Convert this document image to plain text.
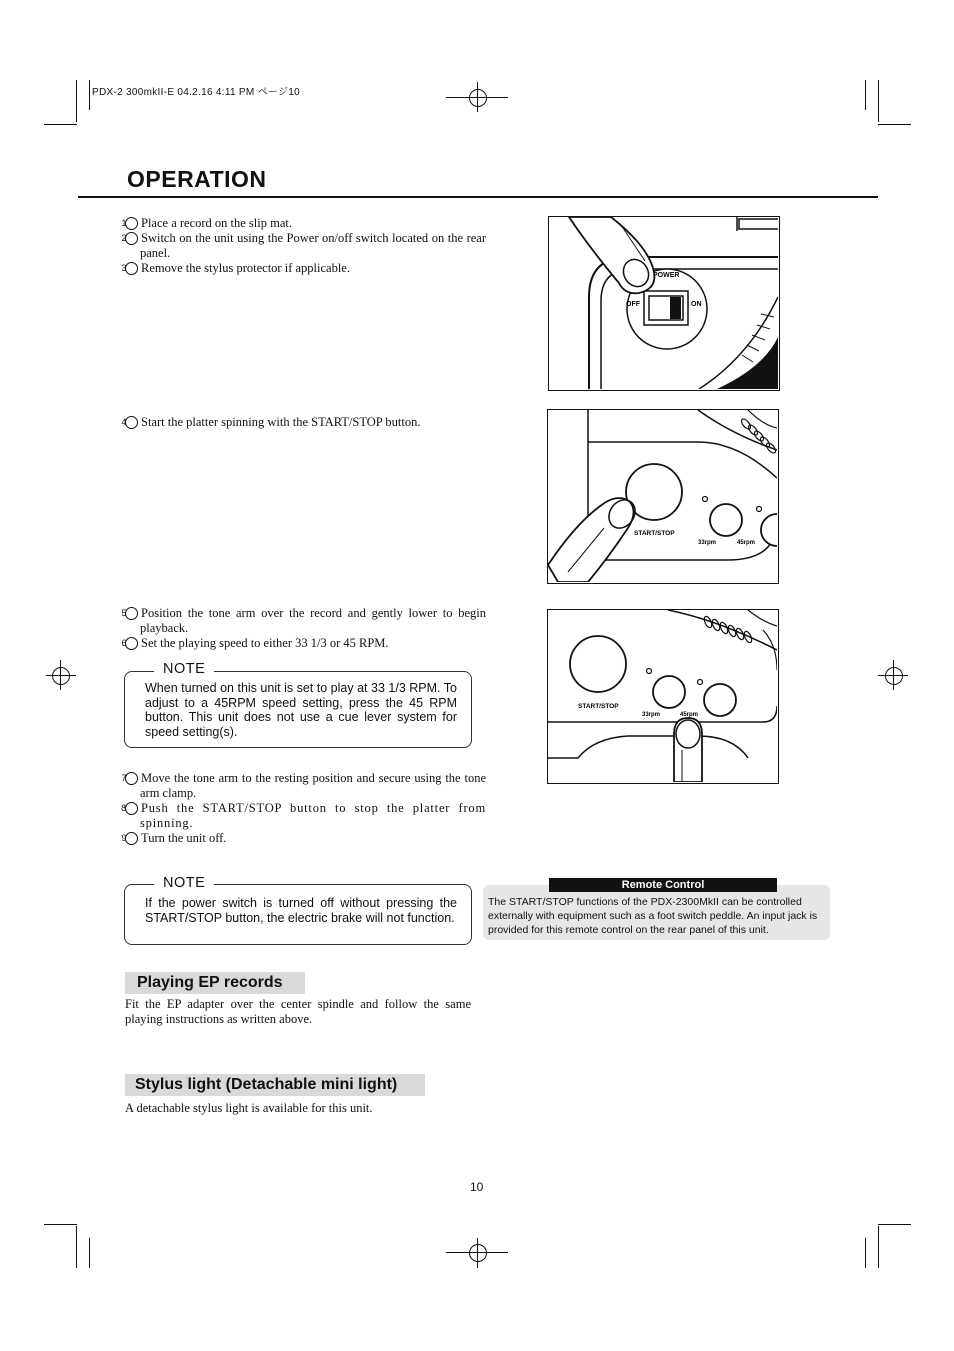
PDX-2 300mkII-E 04.2.16 4:11 PM ページ10
OPERATION
1 Place a record on the slip mat.
2 Switch on the unit using the Power on/off switch located on the rear panel.
3 Remove the stylus protector if applicable.
4 Start the platter spinning with the START/STOP button.
5 Position the tone arm over the record and gently lower to begin playback.
6 Set the playing speed to either 33 1/3 or 45 RPM.
When turned on this unit is set to play at 33 1/3 RPM. To adjust to a 45RPM speed setting, press the 45 RPM button. This unit does not use a cue lever system for speed setting(s).
NOTE
7 Move the tone arm to the resting position and secure using the tone arm clamp.
8 Push the START/STOP button to stop the platter from spinning.
9 Turn the unit off.
If the power switch is turned off without pressing the START/STOP button, the electric brake will not function.
NOTE
Playing EP records
Fit the EP adapter over the center spindle and follow the same playing instructions as written above.
Stylus light (Detachable mini light)
A detachable stylus light is available for this unit.
POWER
OFF	ON
START/STOP
33rpm	45rpm
START/STOP
33rpm	45rpm
The START/STOP functions of the PDX-2300MkII can be controlled externally with equipment such as a foot switch peddle. An input jack is provided for this remote control on the rear panel of this unit.
Remote Control
10
